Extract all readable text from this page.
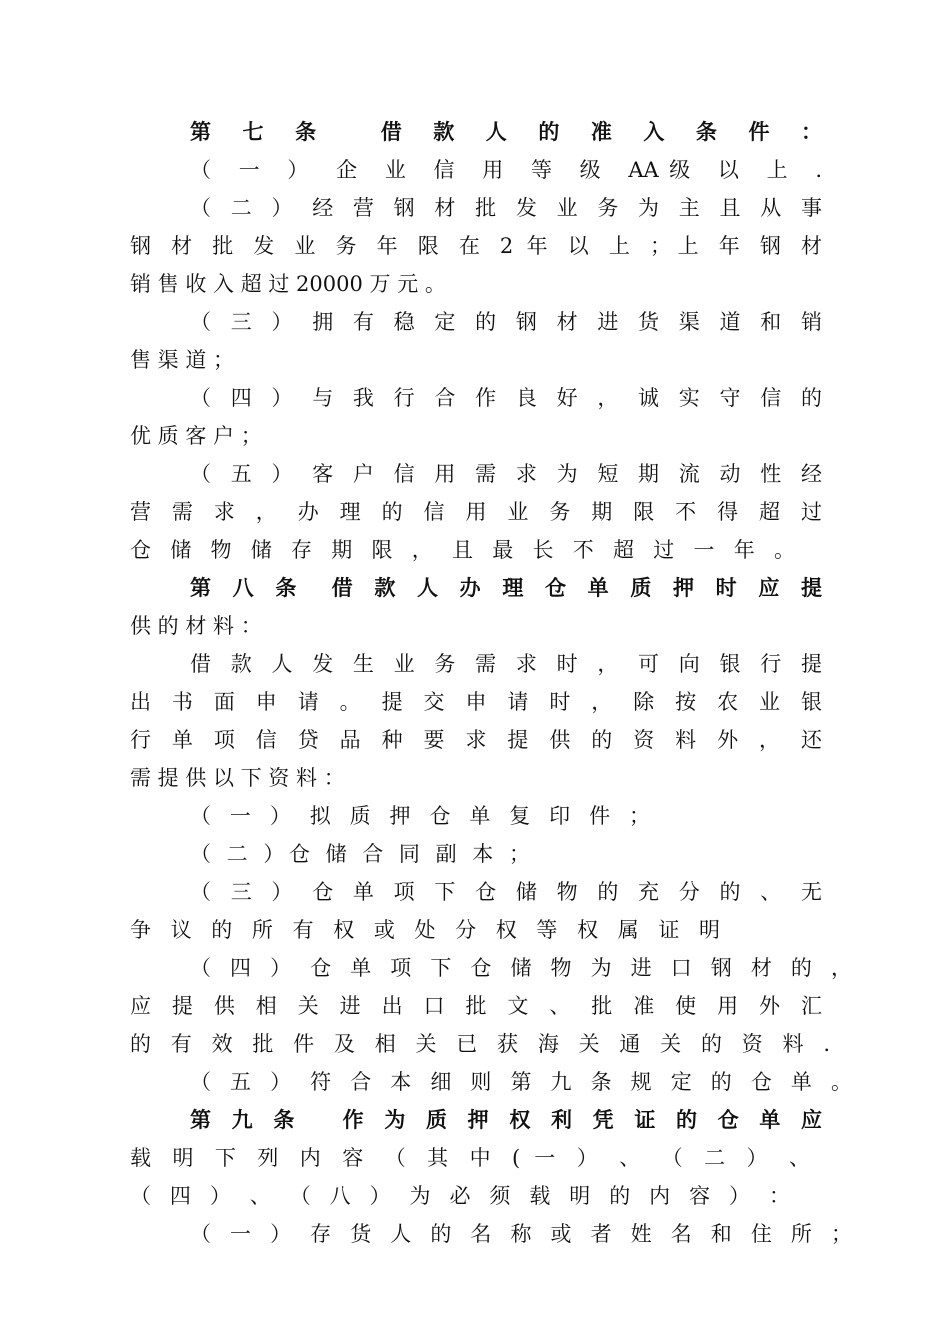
第 七 条　 借 款 人 的 准 入 条 件 ：
（ 一 ） 企 业 信 用 等 级 AA级 以 上 .
（ 二 ） 经 营 钢 材 批 发 业 务 为 主 且 从 事
钢 材 批 发 业 务 年 限 在 2 年 以 上 ；上 年 钢 材
销 售 收 入 超 过 20000 万 元 。
（ 三 ） 拥 有 稳 定 的 钢 材 进 货 渠 道 和 销
售 渠 道 ；
（ 四 ） 与 我 行 合 作 良 好 ， 诚 实 守 信 的
优 质 客 户 ；
（ 五 ） 客 户 信 用 需 求 为 短 期 流 动 性 经
营 需 求 ， 办 理 的 信 用 业 务 期 限 不 得 超 过
仓 储 物 储 存 期 限 ， 且 最 长 不 超 过 一 年 。
第 八 条　借 款 人 办 理 仓 单 质 押 时 应 提
供 的 材 料 ：
借 款 人 发 生 业 务 需 求 时 ， 可 向 银 行 提
出 书 面 申 请 。 提 交 申 请 时 ， 除 按 农 业 银
行 单 项 信 贷 品 种 要 求 提 供 的 资 料 外 ， 还
需 提 供 以 下 资 料 ：
（ 一 ） 拟 质 押 仓 单 复 印 件 ；
（ 二 ）仓 储 合 同 副 本 ；
（ 三 ） 仓 单 项 下 仓 储 物 的 充 分 的 、 无
争 议 的 所 有 权 或 处 分 权 等 权 属 证 明
（ 四 ） 仓 单 项 下 仓 储 物 为 进 口 钢 材 的 ，
应 提 供 相 关 进 出 口 批 文 、 批 准 使 用 外 汇
的 有 效 批 件 及 相 关 已 获 海 关 通 关 的 资 料 .
（ 五 ） 符 合 本 细 则 第 九 条 规 定 的 仓 单 。
第 九 条　 作 为 质 押 权 利 凭 证 的 仓 单 应
载 明 下 列 内 容 （ 其 中 ( 一 ） 、 （ 二 ） 、
（ 四 ） 、 （ 八 ） 为 必 须 载 明 的 内 容 ） ：
（ 一 ） 存 货 人 的 名 称 或 者 姓 名 和 住 所 ；
